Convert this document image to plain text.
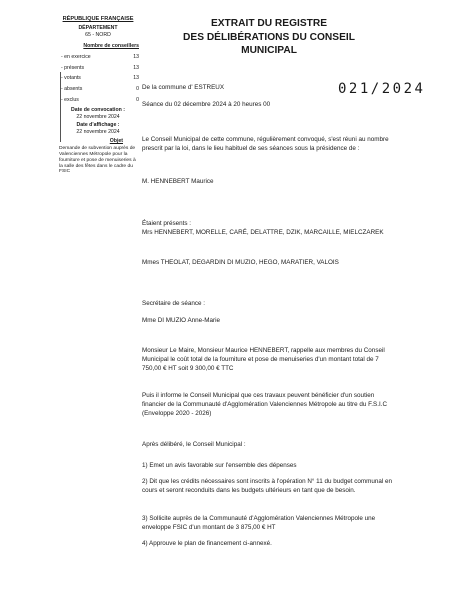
RÉPUBLIQUE FRANÇAISE
DÉPARTEMENT
65 - NORD
Nombre de conseillers
- en exercice	13
- présents	13
- votants	13
- absents	0
- exclus	0
Date de convocation :
22 novembre 2024
Date d'affichage :
22 novembre 2024
Objet
Demande de subvention auprès de Valenciennes Métropole pour la fourniture et pose de menuiseries à la salle des fêtes dans le cadre du FSIC
EXTRAIT DU REGISTRE
DES DÉLIBÉRATIONS DU CONSEIL
MUNICIPAL
021/2024
De la commune d' ESTREUX
Séance du 02 décembre 2024 à 20 heures 00

Le Conseil Municipal de cette commune, régulièrement convoqué, s'est réuni au nombre prescrit par la loi, dans le lieu habituel de ses séances sous la présidence de :

M. HENNEBERT Maurice
Étaient présents :
Mrs HENNEBERT, MORELLE, CARÉ, DELATTRE, DZIK, MARCAILLE, MIELCZAREK
Mmes THEOLAT, DEGARDIN DI MUZIO, HEGO, MARATIER, VALOIS
Secrétaire de séance :
Mme DI MUZIO Anne-Marie

Monsieur Le Maire, Monsieur Maurice HENNEBERT, rappelle aux membres du Conseil Municipal le coût total de la fourniture et pose de menuiseries d'un montant total de 7 750,00 € HT soit 9 300,00 € TTC

Puis il informe le Conseil Municipal que ces travaux peuvent bénéficier d'un soutien financier de la Communauté d'Agglomération Valenciennes Métropole au titre du F.S.I.C (Enveloppe 2020 - 2026)

Après délibéré, le Conseil Municipal :

1) Emet un avis favorable sur l'ensemble des dépenses

2) Dit que les crédits nécessaires sont inscrits à l'opération N° 11 du budget communal en cours et seront reconduits dans les budgets ultérieurs en tant que de besoin.

3) Sollicite auprès de la Communauté d'Agglomération Valenciennes Métropole une enveloppe FSIC d'un montant de 3 875,00 € HT

4) Approuve le plan de financement ci-annexé.
